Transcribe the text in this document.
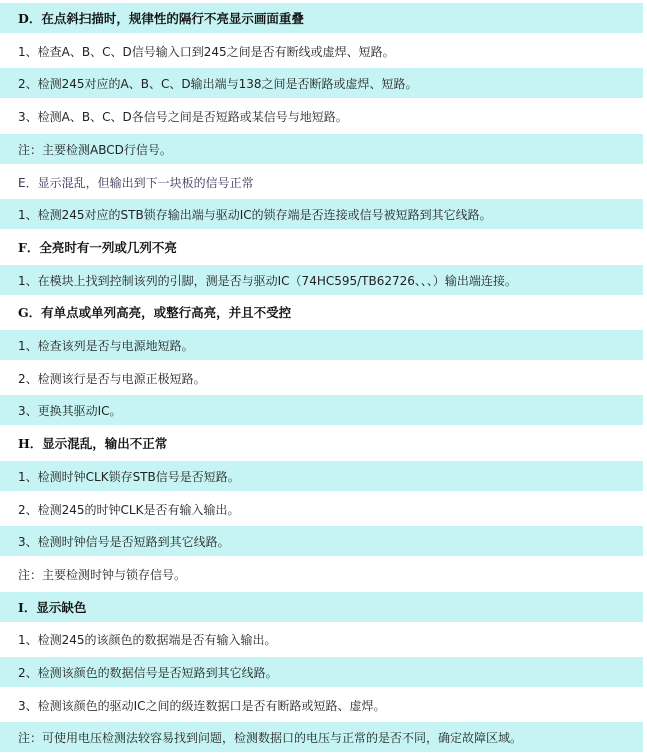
D．在点斜扫描时，规律性的隔行不亮显示画面重叠
1、检查A、B、C、D信号输入口到245之间是否有断线或虚焊、短路。
2、检测245对应的A、B、C、D输出端与138之间是否断路或虚焊、短路。
3、检测A、B、C、D各信号之间是否短路或某信号与地短路。
注：主要检测ABCD行信号。
E．显示混乱，但输出到下一块板的信号正常
1、检测245对应的STB锁存输出端与驱动IC的锁存端是否连接或信号被短路到其它线路。
F．全亮时有一列或几列不亮
1、在模块上找到控制该列的引脚，测是否与驱动IC（74HC595/TB62726、、、）输出端连接。
G．有单点或单列高亮，或整行高亮，并且不受控
1、检查该列是否与电源地短路。
2、检测该行是否与电源正极短路。
3、更换其驱动IC。
H．显示混乱，输出不正常
1、检测时钟CLK锁存STB信号是否短路。
2、检测245的时钟CLK是否有输入输出。
3、检测时钟信号是否短路到其它线路。
注：主要检测时钟与锁存信号。
I．显示缺色
1、检测245的该颜色的数据端是否有输入输出。
2、检测该颜色的数据信号是否短路到其它线路。
3、检测该颜色的驱动IC之间的级连数据口是否有断路或短路、虚焊。
注：可使用电压检测法较容易找到问题，检测数据口的电压与正常的是否不同，确定故障区域。
